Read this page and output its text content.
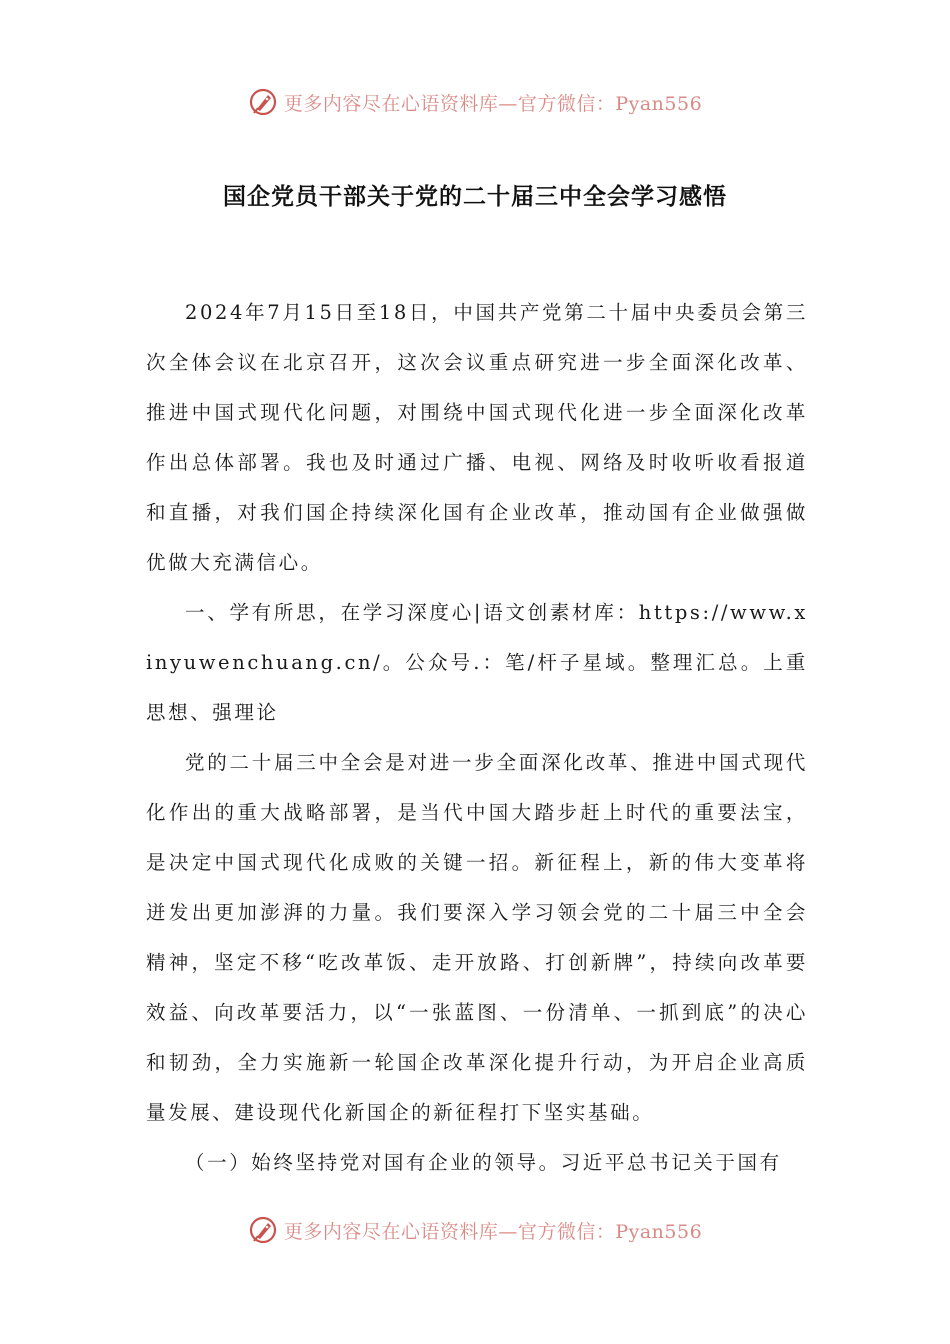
更多内容尽在心语资料库—官方微信：Pyan556
国企党员干部关于党的二十届三中全会学习感悟

2024年7月15日至18日，中国共产党第二十届中央委员会第三次全体会议在北京召开，这次会议重点研究进一步全面深化改革、推进中国式现代化问题，对围绕中国式现代化进一步全面深化改革作出总体部署。我也及时通过广播、电视、网络及时收听收看报道和直播，对我们国企持续深化国有企业改革，推动国有企业做强做优做大充满信心。

一、学有所思，在学习深度心|语文创素材库：https://www.xinyuwenchuang.cn/。公众号.：笔/杆子星域。整理汇总。上重思想、强理论

党的二十届三中全会是对进一步全面深化改革、推进中国式现代化作出的重大战略部署，是当代中国大踏步赶上时代的重要法宝，是决定中国式现代化成败的关键一招。新征程上，新的伟大变革将迸发出更加澎湃的力量。我们要深入学习领会党的二十届三中全会精神，坚定不移“吃改革饭、走开放路、打创新牌”，持续向改革要效益、向改革要活力，以“一张蓝图、一份清单、一抓到底”的决心和韧劲，全力实施新一轮国企改革深化提升行动，为开启企业高质量发展、建设现代化新国企的新征程打下坚实基础。

（一）始终坚持党对国有企业的领导。习近平总书记关于国有

更多内容尽在心语资料库—官方微信：Pyan556
